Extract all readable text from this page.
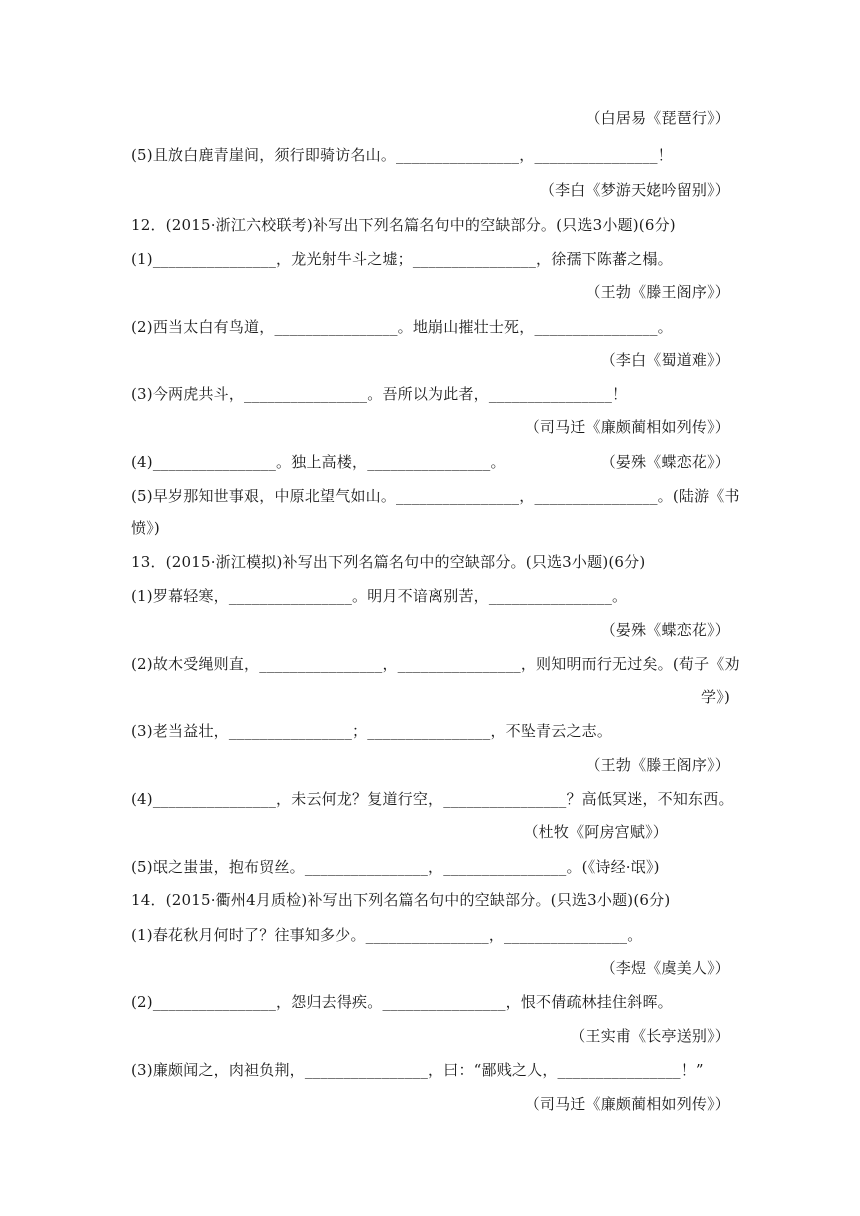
（白居易《琵琶行》）
(5)且放白鹿青崖间，须行即骑访名山。________________，________________！
（李白《梦游天姥吟留别》）
12．(2015·浙江六校联考)补写出下列名篇名句中的空缺部分。(只选3小题)(6分)
(1)________________，龙光射牛斗之墟；________________，徐孺下陈蕃之榻。
（王勃《滕王阁序》）
(2)西当太白有鸟道，________________。地崩山摧壮士死，________________。
（李白《蜀道难》）
(3)今两虎共斗，________________。吾所以为此者，________________！
（司马迁《廉颇蔺相如列传》）
(4)________________。独上高楼，________________。	（晏殊《蝶恋花》）
(5)早岁那知世事艰，中原北望气如山。________________，________________。(陆游《书
愤》)
13．(2015·浙江模拟)补写出下列名篇名句中的空缺部分。(只选3小题)(6分)
(1)罗幕轻寒，________________。明月不谙离别苦，________________。
（晏殊《蝶恋花》）
(2)故木受绳则直，________________，________________，则知明而行无过矣。(荀子《劝
学》)
(3)老当益壮，________________；________________，不坠青云之志。
（王勃《滕王阁序》）
(4)________________，未云何龙？复道行空，________________？高低冥迷，不知东西。
（杜牧《阿房宫赋》）
(5)氓之蚩蚩，抱布贸丝。________________，________________。(《诗经·氓》)
14．(2015·衢州4月质检)补写出下列名篇名句中的空缺部分。(只选3小题)(6分)
(1)春花秋月何时了？往事知多少。________________，________________。
（李煜《虞美人》）
(2)________________，怨归去得疾。________________，恨不倩疏林挂住斜晖。
（王实甫《长亭送别》）
(3)廉颇闻之，肉袒负荆，________________，曰：“鄙贱之人，________________！”
（司马迁《廉颇蔺相如列传》）
